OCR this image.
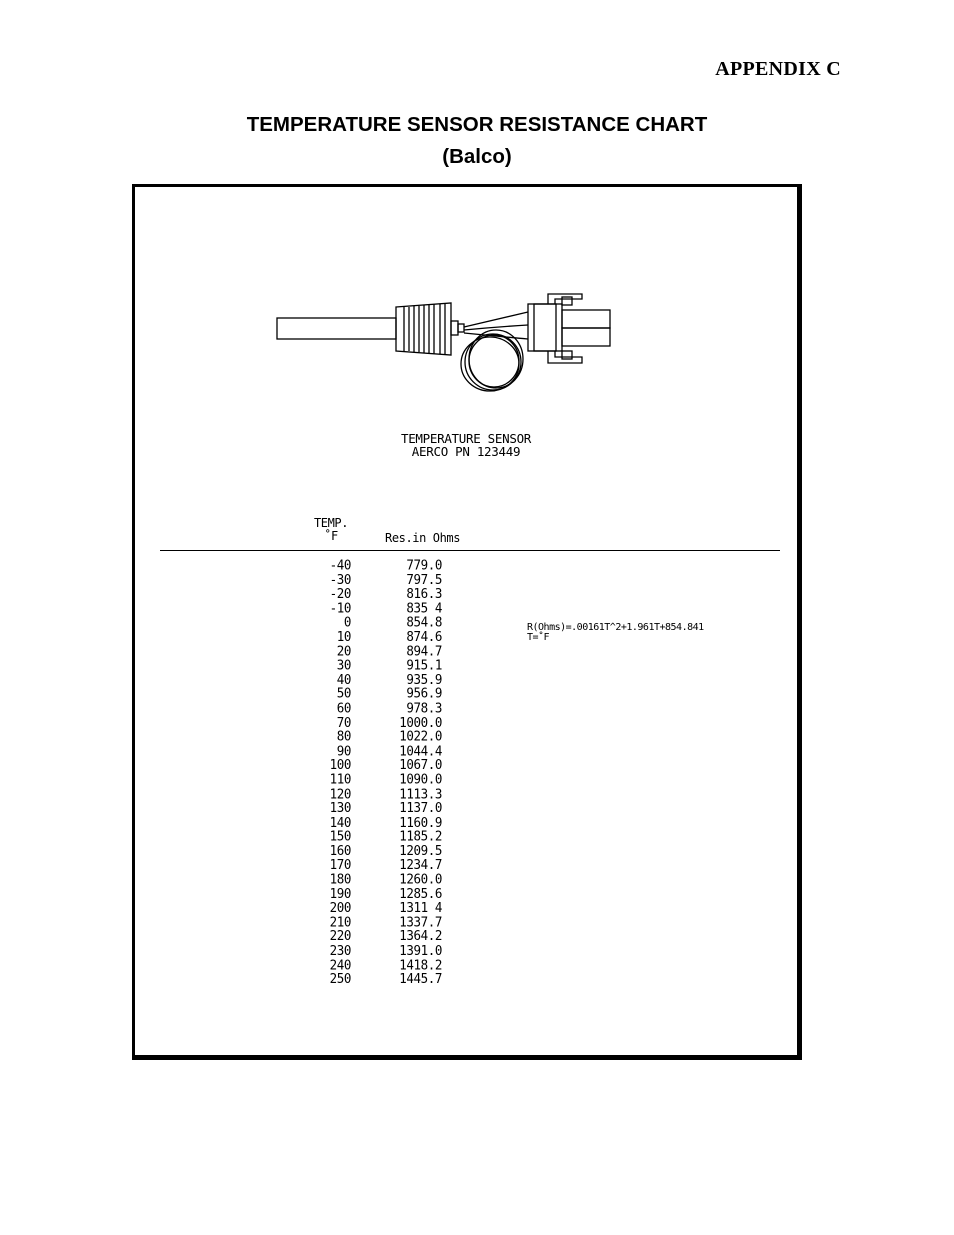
APPENDIX C
TEMPERATURE SENSOR RESISTANCE CHART
(Balco)
TEMPERATURE SENSOR
AERCO PN 123449
TEMP.
˚F	Res.in Ohms
-40
-30
-20
-10
0
10
20
30
40
50
60
70
80
90
100
110
120
130
140
150
160
170
180
190
200
210
220
230
240
250
779.0
797.5
816.3
835 4
854.8
874.6
894.7
915.1
935.9
956.9
978.3
1000.0
1022.0
1044.4
1067.0
1090.0
1113.3
1137.0
1160.9
1185.2
1209.5
1234.7
1260.0
1285.6
1311 4
1337.7
1364.2
1391.0
1418.2
1445.7
R(Ohms)=.00161T^2+1.961T+854.841
T=˚F
